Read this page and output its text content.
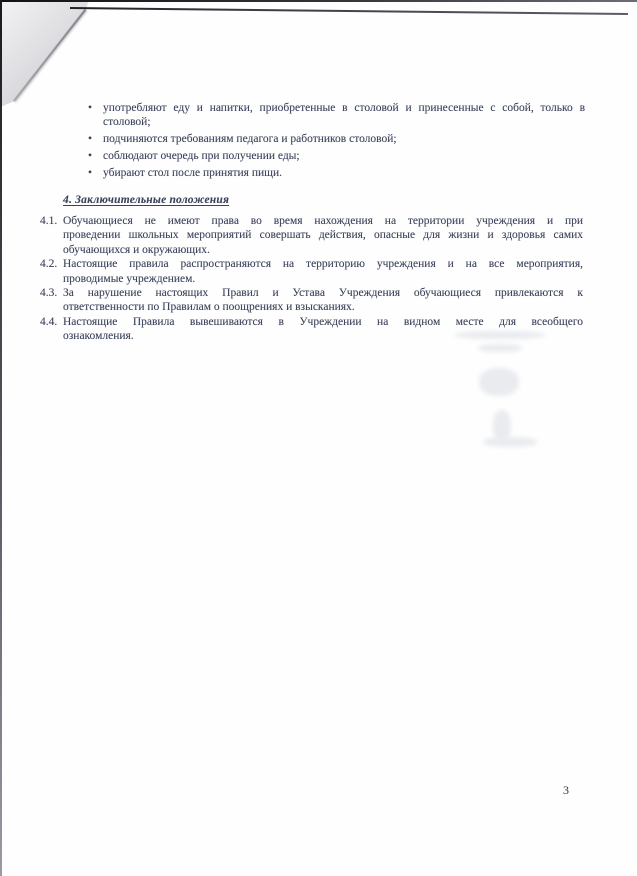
• употребляют еду и напитки, приобретенные в столовой и принесенные с собой, только в
столовой;
• подчиняются требованиям педагога и работников столовой;
• соблюдают очередь при получении еды;
• убирают стол после принятия пищи.
4. Заключительные положения
4.1. Обучающиеся не имеют права во время нахождения на территории учреждения и при
проведении школьных мероприятий совершать действия, опасные для жизни и здоровья самих
обучающихся и окружающих.
4.2. Настоящие правила распространяются на территорию учреждения и на все мероприятия,
проводимые учреждением.
4.3. За нарушение настоящих Правил и Устава Учреждения обучающиеся привлекаются к
ответственности по Правилам о поощрениях и взысканиях.
4.4. Настоящие Правила вывешиваются в Учреждении на видном месте для всеобщего
ознакомления.
3
